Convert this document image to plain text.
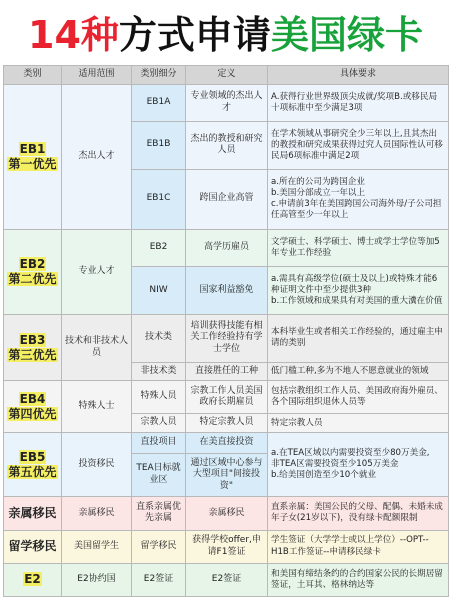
14种 方式申请 美国绿卡
类别	适用范围	类别细分	定义	具体要求
EB1
第一优先	杰出人才	EB1A	专业领域的杰出人才	A.获得行业世界级顶尖成就/奖项B.或移民局十项标准中至少满足3项
		EB1B	杰出的教授和研究人员	在学术领域从事研究全少三年以上,且其杰出的教授和研究成果获得过究人员国际性认可移民局6项标准中满足2项
		EB1C	跨国企业高管	a.所在的公司为跨国企业
b.美国分部成立一年以上
c.申请前3年在美国跨国公司海外母/子公司担任高管至少一年以上
EB2
第二优先	专业人才	EB2	高学历雇员	文学硕士、科学硕士、博士或学士学位等加5年专业工作经验
		NIW	国家利益豁免	a.需具有高级学位(硕士及以上)或特殊才能6种证明文件中至少提供3种
b.工作领域和成果具有对美国的重大瀵在价值
EB3
第三优先	技术和非技术人员	技术类	培训获得技能有相关工作经验持有学士学位	本科毕业生或者相关工作经验的，通过雇主申请的类别
		非技术类	直接胜任的工种	低门槛工种,多为不地人不愿意就业的领域
EB4
第四优先	特殊人士	特殊人员	宗教工作人员美国政府长期雇员	包括宗教组织工作人员、美国政府海外雇员、各个国际组织退休人员等
		宗教人员	特定宗教人员	特定宗教人员
EB5
第五优先	投资移民	直投项目	在美直接投资	a.在TEA区域以内需要投资至少80万美金,
非TEA区需要投资至少105万美金
b.给美国创造至少10个就业
		TEA日标就业区	通过区域中心参与大型项目"间接投资"	
亲属移民	亲属移民	直系亲属优先亲属	亲属移民	直系亲属：美国公民的父母、配偶、未婚未成年子女(21岁以下)，没有绿卡配额限制
留学移民	美国留学生	留学移民	获得学校offer,申请F1签证	学生签证（大学学士或以上学位）--OPT--H1B工作签证--申请移民绿卡
E2	E2协约国	E2签证	E2签证	和美国有缔结条约的合约国家公民的长期居留签证，土耳其、格林纳达等
